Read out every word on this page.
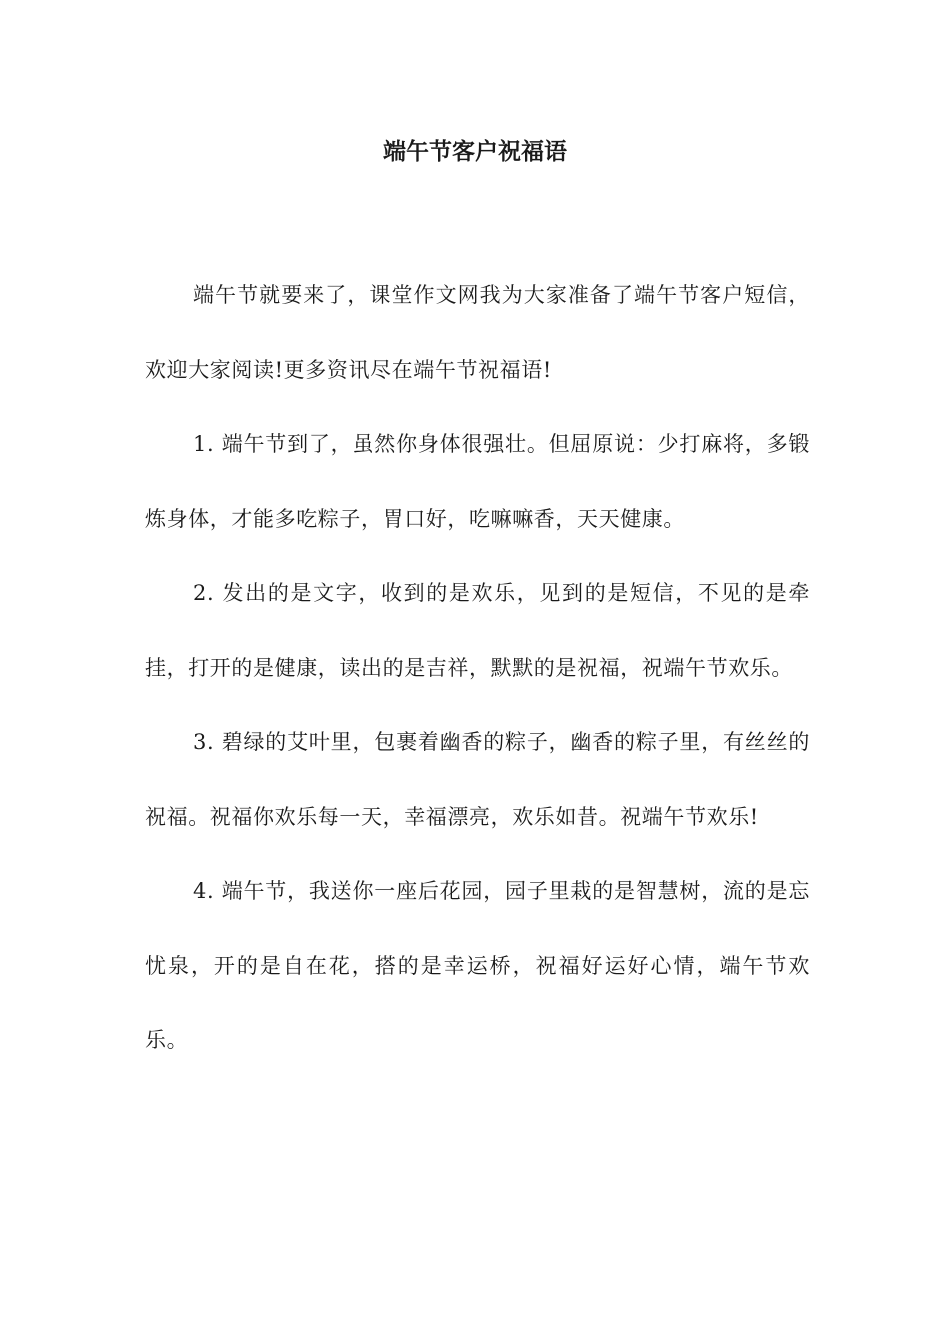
端午节客户祝福语

端午节就要来了，课堂作文网我为大家准备了端午节客户短信，欢迎大家阅读!更多资讯尽在端午节祝福语!

1. 端午节到了，虽然你身体很强壮。但屈原说：少打麻将，多锻炼身体，才能多吃粽子，胃口好，吃嘛嘛香，天天健康。

2. 发出的是文字，收到的是欢乐，见到的是短信，不见的是牵挂，打开的是健康，读出的是吉祥，默默的是祝福，祝端午节欢乐。

3. 碧绿的艾叶里，包裹着幽香的粽子，幽香的粽子里，有丝丝的祝福。祝福你欢乐每一天，幸福漂亮，欢乐如昔。祝端午节欢乐!

4. 端午节，我送你一座后花园，园子里栽的是智慧树，流的是忘忧泉，开的是自在花，搭的是幸运桥，祝福好运好心情，端午节欢乐。
